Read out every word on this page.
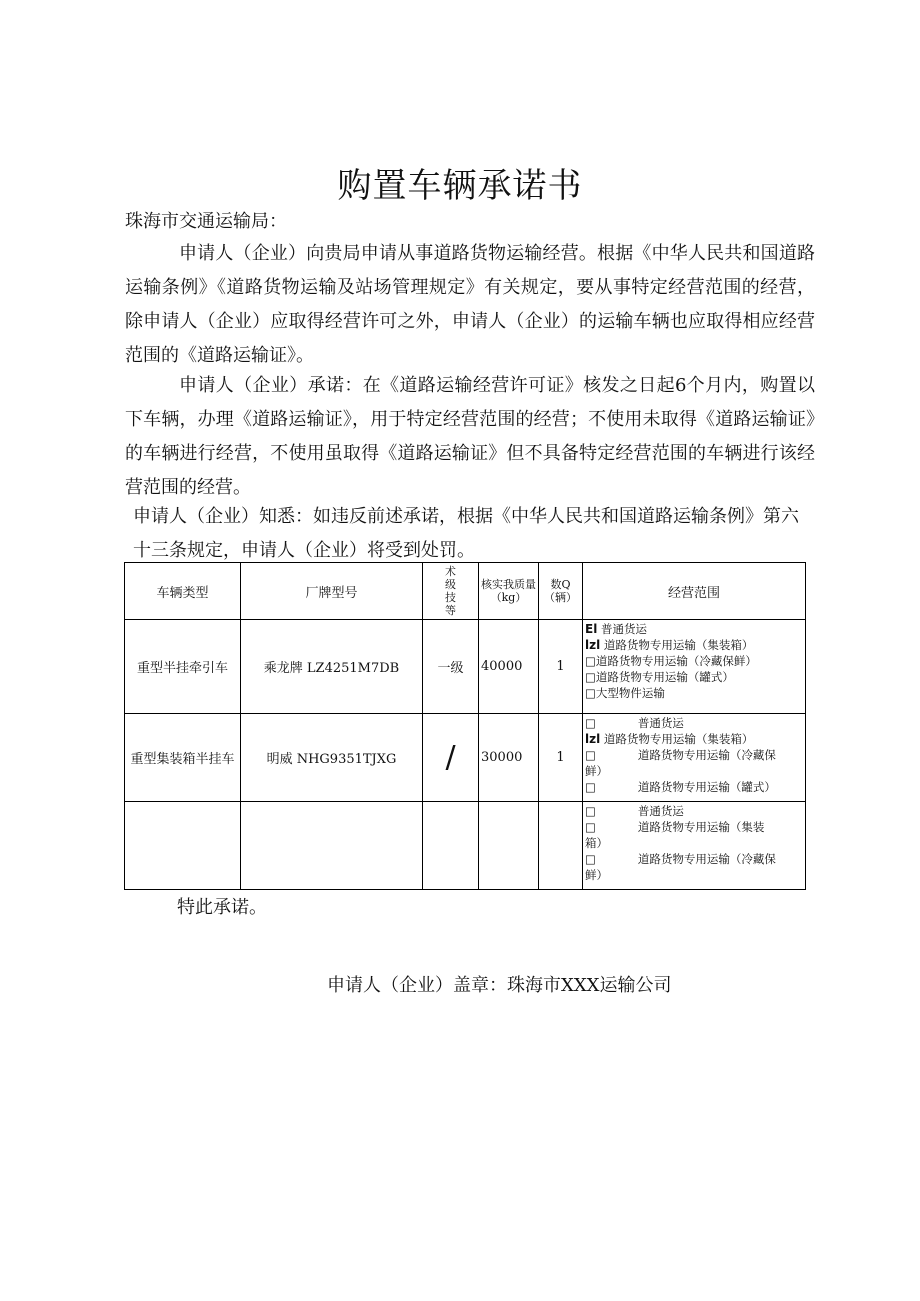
购置车辆承诺书
珠海市交通运输局：
申请人（企业）向贵局申请从事道路货物运输经营。根据《中华人民共和国道路运输条例》《道路货物运输及站场管理规定》有关规定，要从事特定经营范围的经营，除申请人（企业）应取得经营许可之外，申请人（企业）的运输车辆也应取得相应经营范围的《道路运输证》。
申请人（企业）承诺：在《道路运输经营许可证》核发之日起6个月内，购置以下车辆，办理《道路运输证》，用于特定经营范围的经营；不使用未取得《道路运输证》的车辆进行经营，不使用虽取得《道路运输证》但不具备特定经营范围的车辆进行该经营范围的经营。
申请人（企业）知悉：如违反前述承诺，根据《中华人民共和国道路运输条例》第六十三条规定，申请人（企业）将受到处罚。
车辆类型	厂牌型号	术级技等	核实我质量（kg）	数Q（辆）	经营范围
重型半挂牵引车	乘龙牌 LZ4251M7DB	一级	40000	1	El 普通货运
lzl 道路货物专用运输（集装箱）
□道路货物专用运输（冷藏保鲜）
□道路货物专用运输（罐式）
□大型物件运输

重型集装箱半挂车	明威 NHG9351TJXG	/	30000	1	□ 普通货运
lzl 道路货物专用运输（集装箱）
□ 道路货物专用运输（冷藏保
鲜）
□ 道路货物专用运输（罐式）

					□ 普通货运
□ 道路货物专用运输（集装
箱）
□ 道路货物专用运输（冷藏保
鲜）
特此承诺。
申请人（企业）盖章：珠海市XXX运输公司
